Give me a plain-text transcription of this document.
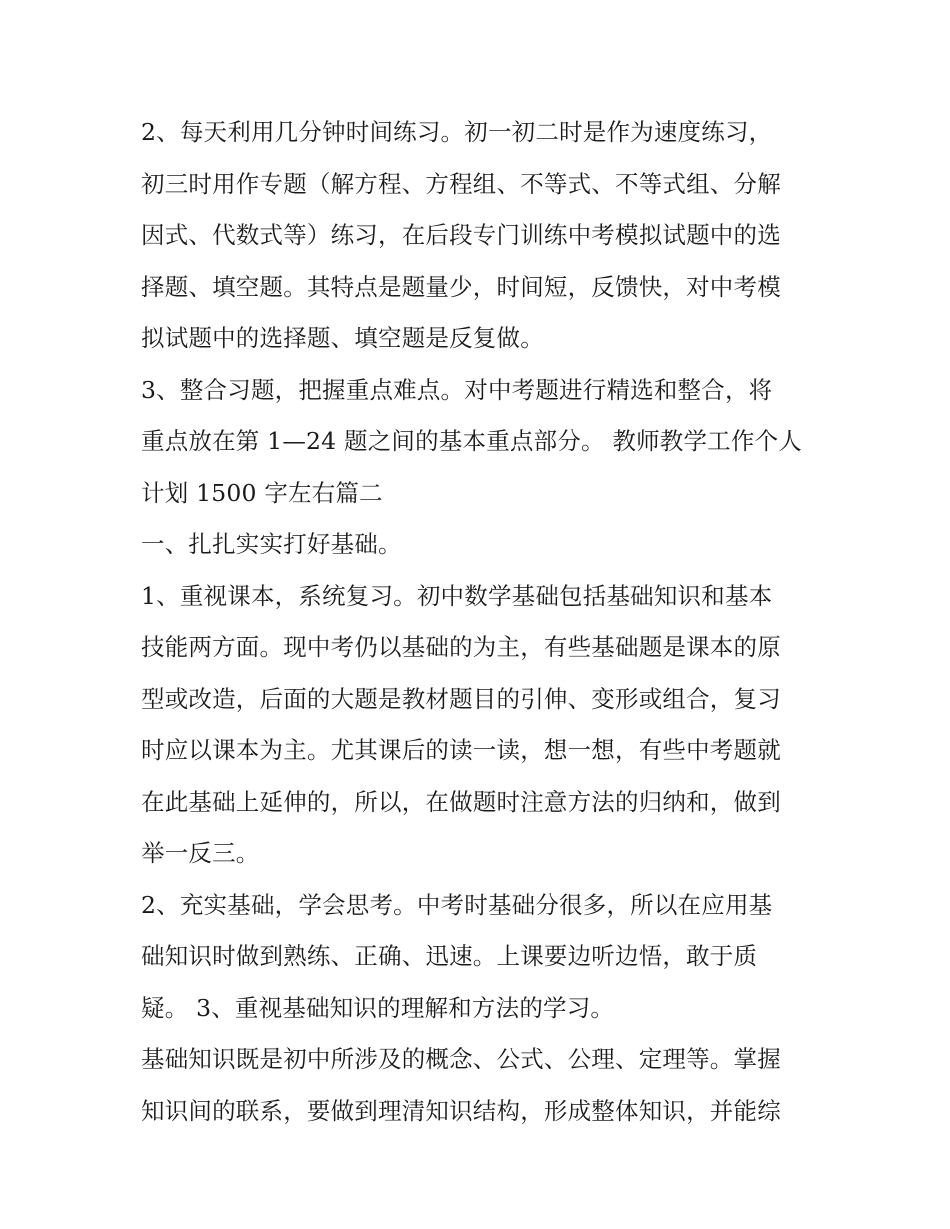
2、每天利用几分钟时间练习。初一初二时是作为速度练习，
初三时用作专题（解方程、方程组、不等式、不等式组、分解
因式、代数式等）练习，在后段专门训练中考模拟试题中的选
择题、填空题。其特点是题量少，时间短，反馈快，对中考模
拟试题中的选择题、填空题是反复做。
3、整合习题，把握重点难点。对中考题进行精选和整合，将
重点放在第 1—24 题之间的基本重点部分。 教师教学工作个人
计划 1500 字左右篇二
一、扎扎实实打好基础。
1、重视课本，系统复习。初中数学基础包括基础知识和基本
技能两方面。现中考仍以基础的为主，有些基础题是课本的原
型或改造，后面的大题是教材题目的引伸、变形或组合，复习
时应以课本为主。尤其课后的读一读，想一想，有些中考题就
在此基础上延伸的，所以，在做题时注意方法的归纳和，做到
举一反三。
2、充实基础，学会思考。中考时基础分很多，所以在应用基
础知识时做到熟练、正确、迅速。上课要边听边悟，敢于质
疑。 3、重视基础知识的理解和方法的学习。
基础知识既是初中所涉及的概念、公式、公理、定理等。掌握
知识间的联系，要做到理清知识结构，形成整体知识，并能综
